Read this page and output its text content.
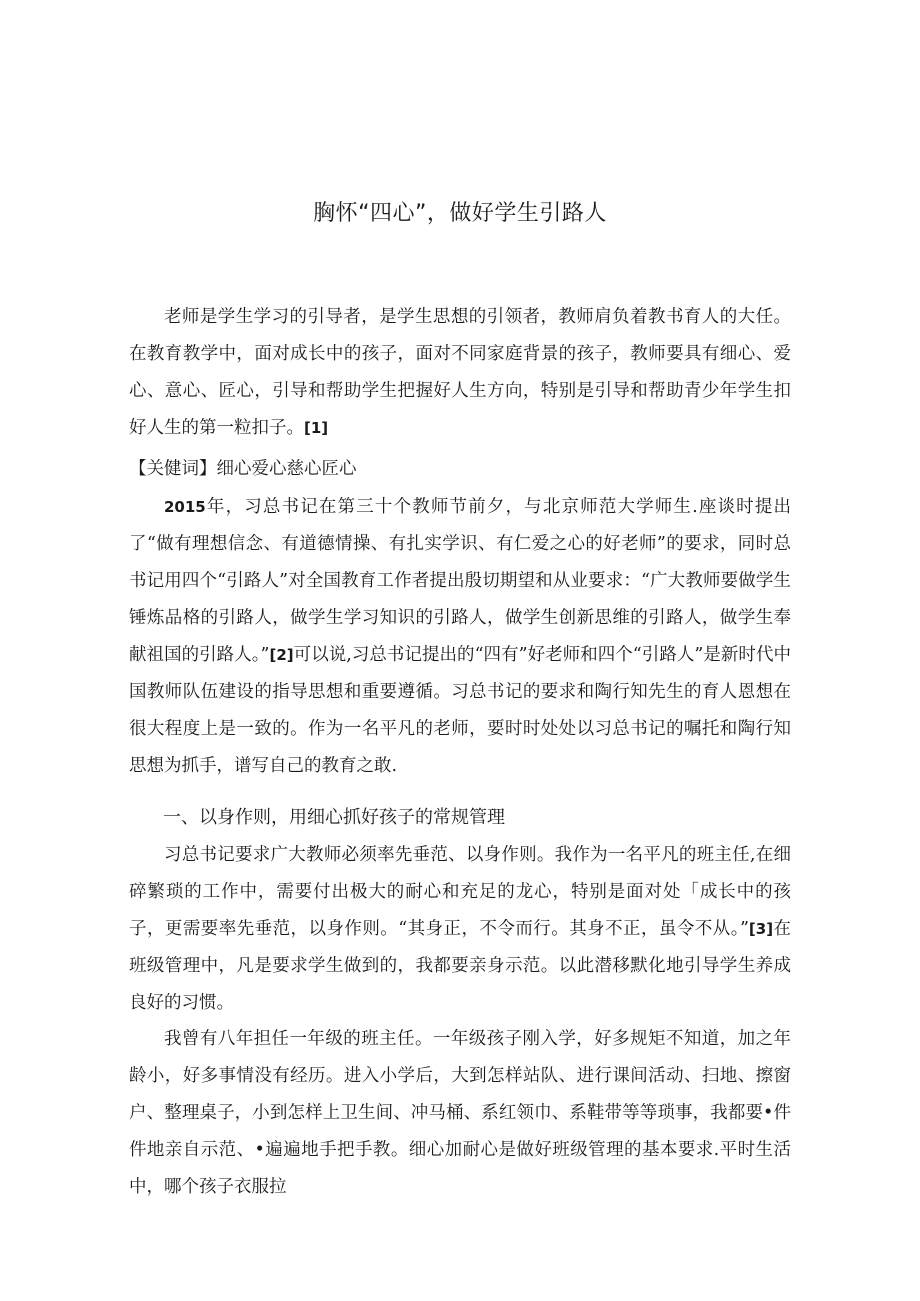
胸怀“四心”，做好学生引路人
老师是学生学习的引导者，是学生思想的引领者，教师肩负着教书育人的大任。在教育教学中，面对成长中的孩子，面对不同家庭背景的孩子，教师要具有细心、爱心、意心、匠心，引导和帮助学生把握好人生方向，特别是引导和帮助青少年学生扣好人生的第一粒扣子。[1]
【关健词】细心爱心慈心匠心
2015年，习总书记在第三十个教师节前夕，与北京师范大学师生.座谈时提出了“做有理想信念、有道德情操、有扎实学识、有仁爱之心的好老师”的要求，同时总书记用四个“引路人”对全国教育工作者提出殷切期望和从业要求：“广大教师要做学生锤炼品格的引路人，做学生学习知识的引路人，做学生创新思维的引路人，做学生奉献祖国的引路人。”[2]可以说,习总书记提出的“四有”好老师和四个“引路人”是新时代中国教师队伍建设的指导思想和重要遵循。习总书记的要求和陶行知先生的育人恩想在很大程度上是一致的。作为一名平凡的老师，要时时处处以习总书记的嘱托和陶行知思想为抓手，谱写自己的教育之敢.
一、以身作则，用细心抓好孩子的常规管理
习总书记要求广大教师必须率先垂范、以身作则。我作为一名平凡的班主任,在细碎繁琐的工作中，需要付出极大的耐心和充足的龙心，特别是面对处「成长中的孩子，更需要率先垂范，以身作则。“其身正，不令而行。其身不正，虽令不从。”[3]在班级管理中，凡是要求学生做到的，我都要亲身示范。以此潜移默化地引导学生养成良好的习惯。
我曾有八年担任一年级的班主任。一年级孩子刚入学，好多规矩不知道，加之年龄小，好多事情没有经历。进入小学后，大到怎样站队、进行课间活动、扫地、擦窗户、整理桌子，小到怎样上卫生间、冲马桶、系红领巾、系鞋带等等琐事，我都要•件件地亲自示范、•遍遍地手把手教。细心加耐心是做好班级管理的基本要求.平时生活中，哪个孩子衣服拉
